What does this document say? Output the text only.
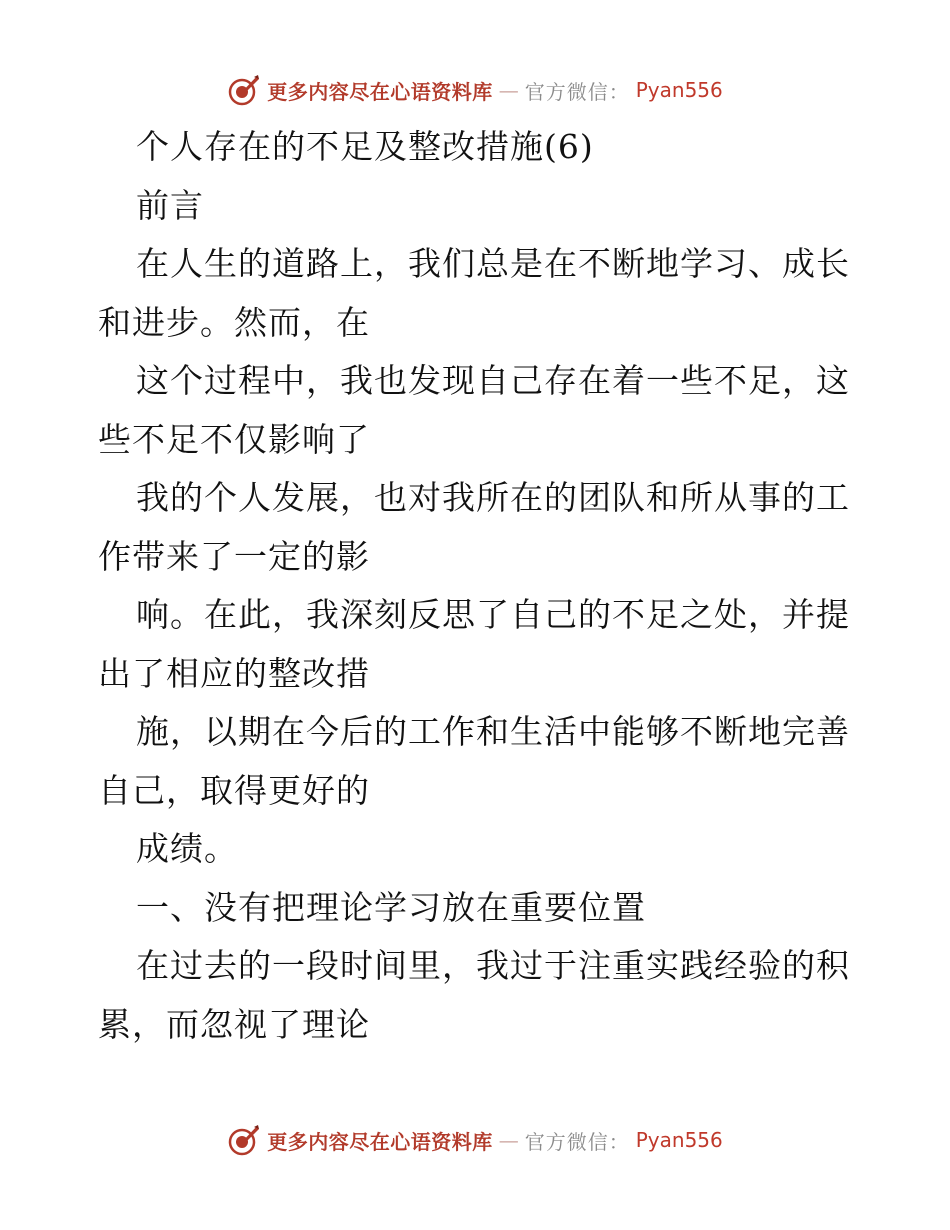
更多内容尽在心语资料库 — 官方微信： Pyan556
个人存在的不足及整改措施(6)
前言
在人生的道路上，我们总是在不断地学习、成长
和进步。然而，在
这个过程中，我也发现自己存在着一些不足，这
些不足不仅影响了
我的个人发展，也对我所在的团队和所从事的工
作带来了一定的影
响。在此，我深刻反思了自己的不足之处，并提
出了相应的整改措
施，以期在今后的工作和生活中能够不断地完善
自己，取得更好的
成绩。
一、没有把理论学习放在重要位置
在过去的一段时间里，我过于注重实践经验的积
累，而忽视了理论
更多内容尽在心语资料库 — 官方微信： Pyan556
